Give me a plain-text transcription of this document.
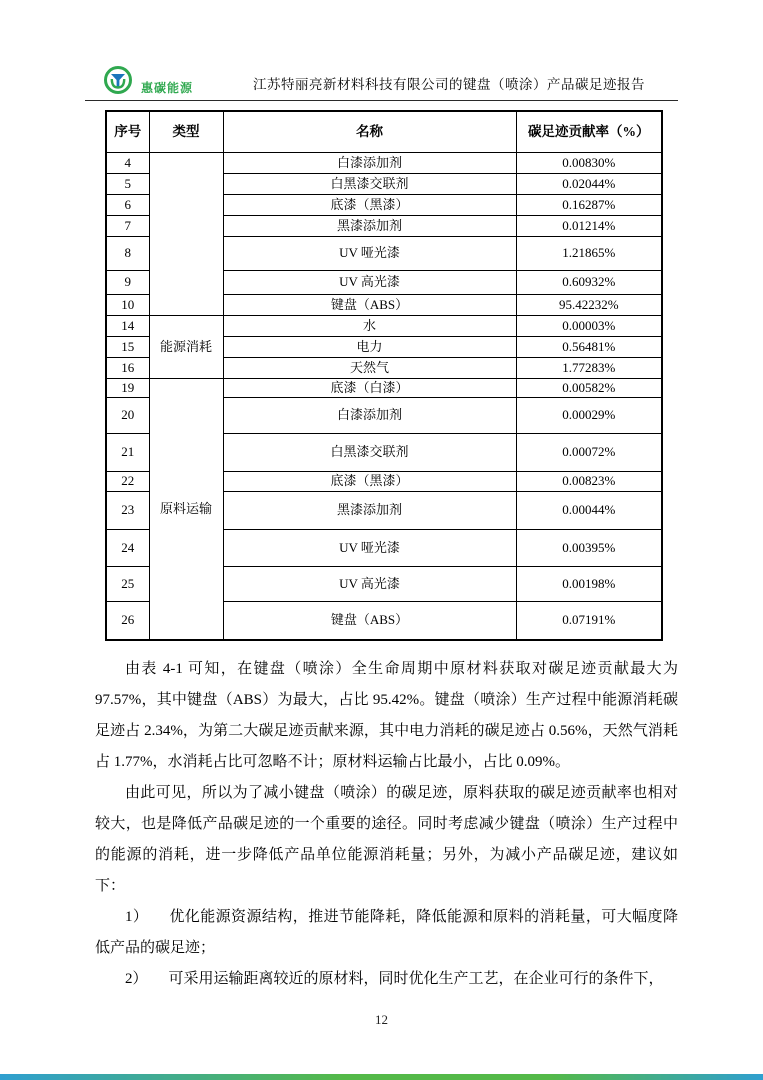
惠碳能源	江苏特丽亮新材料科技有限公司的键盘（喷涂）产品碳足迹报告
序号	类型	名称	碳足迹贡献率（%）
4		白漆添加剂	0.00830%
5		白黑漆交联剂	0.02044%
6		底漆（黑漆）	0.16287%
7		黑漆添加剂	0.01214%
8		UV 哑光漆	1.21865%
9		UV 高光漆	0.60932%
10		键盘（ABS）	95.42232%
14	能源消耗	水	0.00003%
15		电力	0.56481%
16		天然气	1.77283%
19	原料运输	底漆（白漆）	0.00582%
20		白漆添加剂	0.00029%
21		白黑漆交联剂	0.00072%
22		底漆（黑漆）	0.00823%
23		黑漆添加剂	0.00044%
24		UV 哑光漆	0.00395%
25		UV 高光漆	0.00198%
26		键盘（ABS）	0.07191%

由表 4-1 可知，在键盘（喷涂）全生命周期中原材料获取对碳足迹贡献最大为 97.57%，其中键盘（ABS）为最大，占比 95.42%。键盘（喷涂）生产过程中能源消耗碳足迹占 2.34%，为第二大碳足迹贡献来源，其中电力消耗的碳足迹占 0.56%，天然气消耗占 1.77%，水消耗占比可忽略不计；原材料运输占比最小，占比 0.09%。

由此可见，所以为了减小键盘（喷涂）的碳足迹，原料获取的碳足迹贡献率也相对较大，也是降低产品碳足迹的一个重要的途径。同时考虑减少键盘（喷涂）生产过程中的能源的消耗，进一步降低产品单位能源消耗量；另外，为减小产品碳足迹，建议如下：

1） 优化能源资源结构，推进节能降耗，降低能源和原料的消耗量，可大幅度降低产品的碳足迹；

2） 可采用运输距离较近的原材料，同时优化生产工艺，在企业可行的条件下，

12
